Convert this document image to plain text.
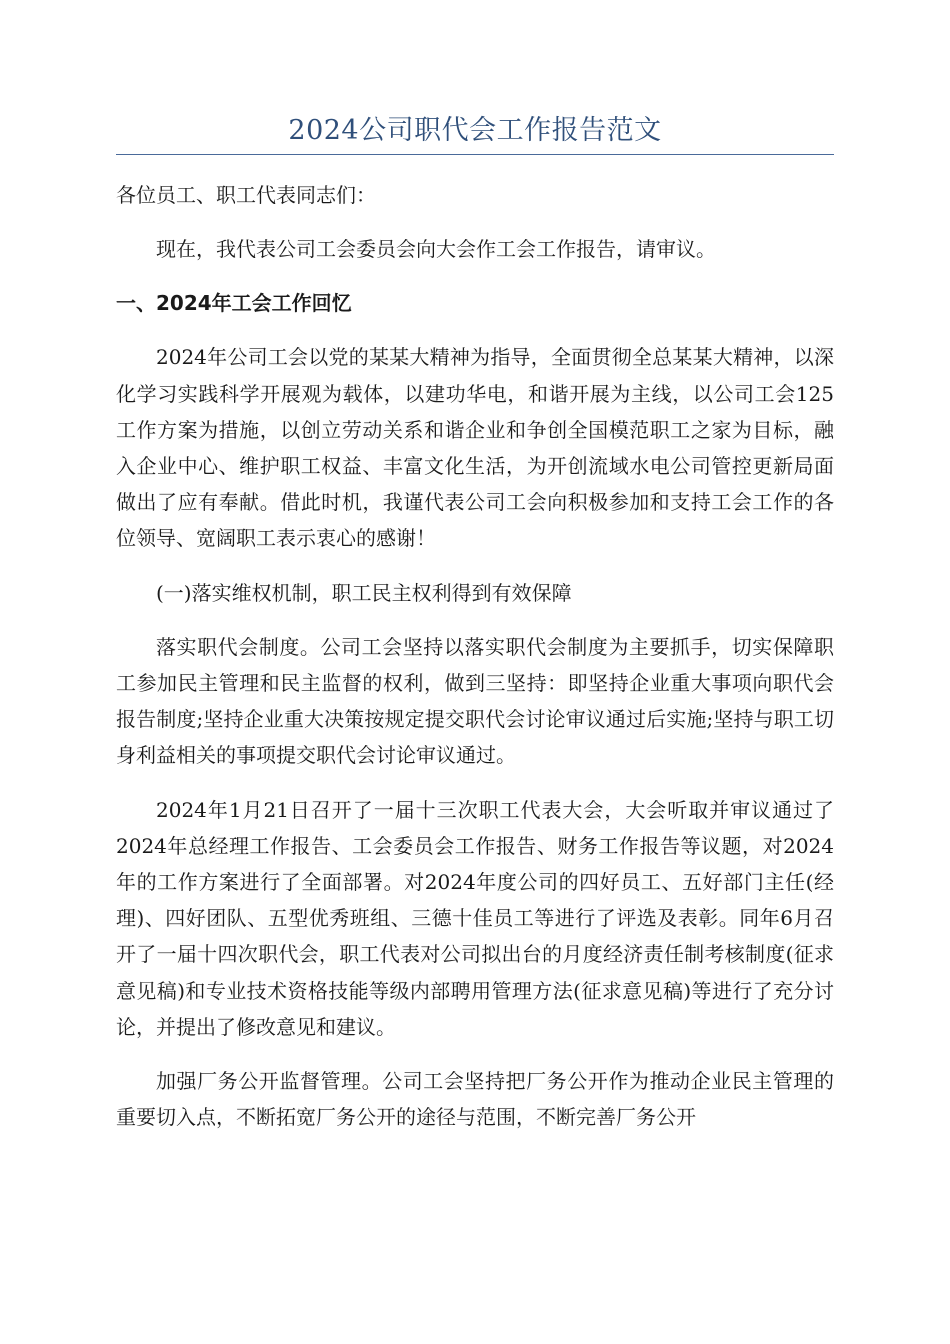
2024公司职代会工作报告范文

各位员工、职工代表同志们：

现在，我代表公司工会委员会向大会作工会工作报告，请审议。

一、2024年工会工作回忆

2024年公司工会以党的某某大精神为指导，全面贯彻全总某某大精神，以深化学习实践科学开展观为载体，以建功华电，和谐开展为主线，以公司工会125工作方案为措施，以创立劳动关系和谐企业和争创全国模范职工之家为目标，融入企业中心、维护职工权益、丰富文化生活，为开创流域水电公司管控更新局面做出了应有奉献。借此时机，我谨代表公司工会向积极参加和支持工会工作的各位领导、宽阔职工表示衷心的感谢！

(一)落实维权机制，职工民主权利得到有效保障

落实职代会制度。公司工会坚持以落实职代会制度为主要抓手，切实保障职工参加民主管理和民主监督的权利，做到三坚持：即坚持企业重大事项向职代会报告制度;坚持企业重大决策按规定提交职代会讨论审议通过后实施;坚持与职工切身利益相关的事项提交职代会讨论审议通过。

2024年1月21日召开了一届十三次职工代表大会，大会听取并审议通过了2024年总经理工作报告、工会委员会工作报告、财务工作报告等议题，对2024年的工作方案进行了全面部署。对2024年度公司的四好员工、五好部门主任(经理)、四好团队、五型优秀班组、三德十佳员工等进行了评选及表彰。同年6月召开了一届十四次职代会，职工代表对公司拟出台的月度经济责任制考核制度(征求意见稿)和专业技术资格技能等级内部聘用管理方法(征求意见稿)等进行了充分讨论，并提出了修改意见和建议。

加强厂务公开监督管理。公司工会坚持把厂务公开作为推动企业民主管理的重要切入点，不断拓宽厂务公开的途径与范围，不断完善厂务公开
